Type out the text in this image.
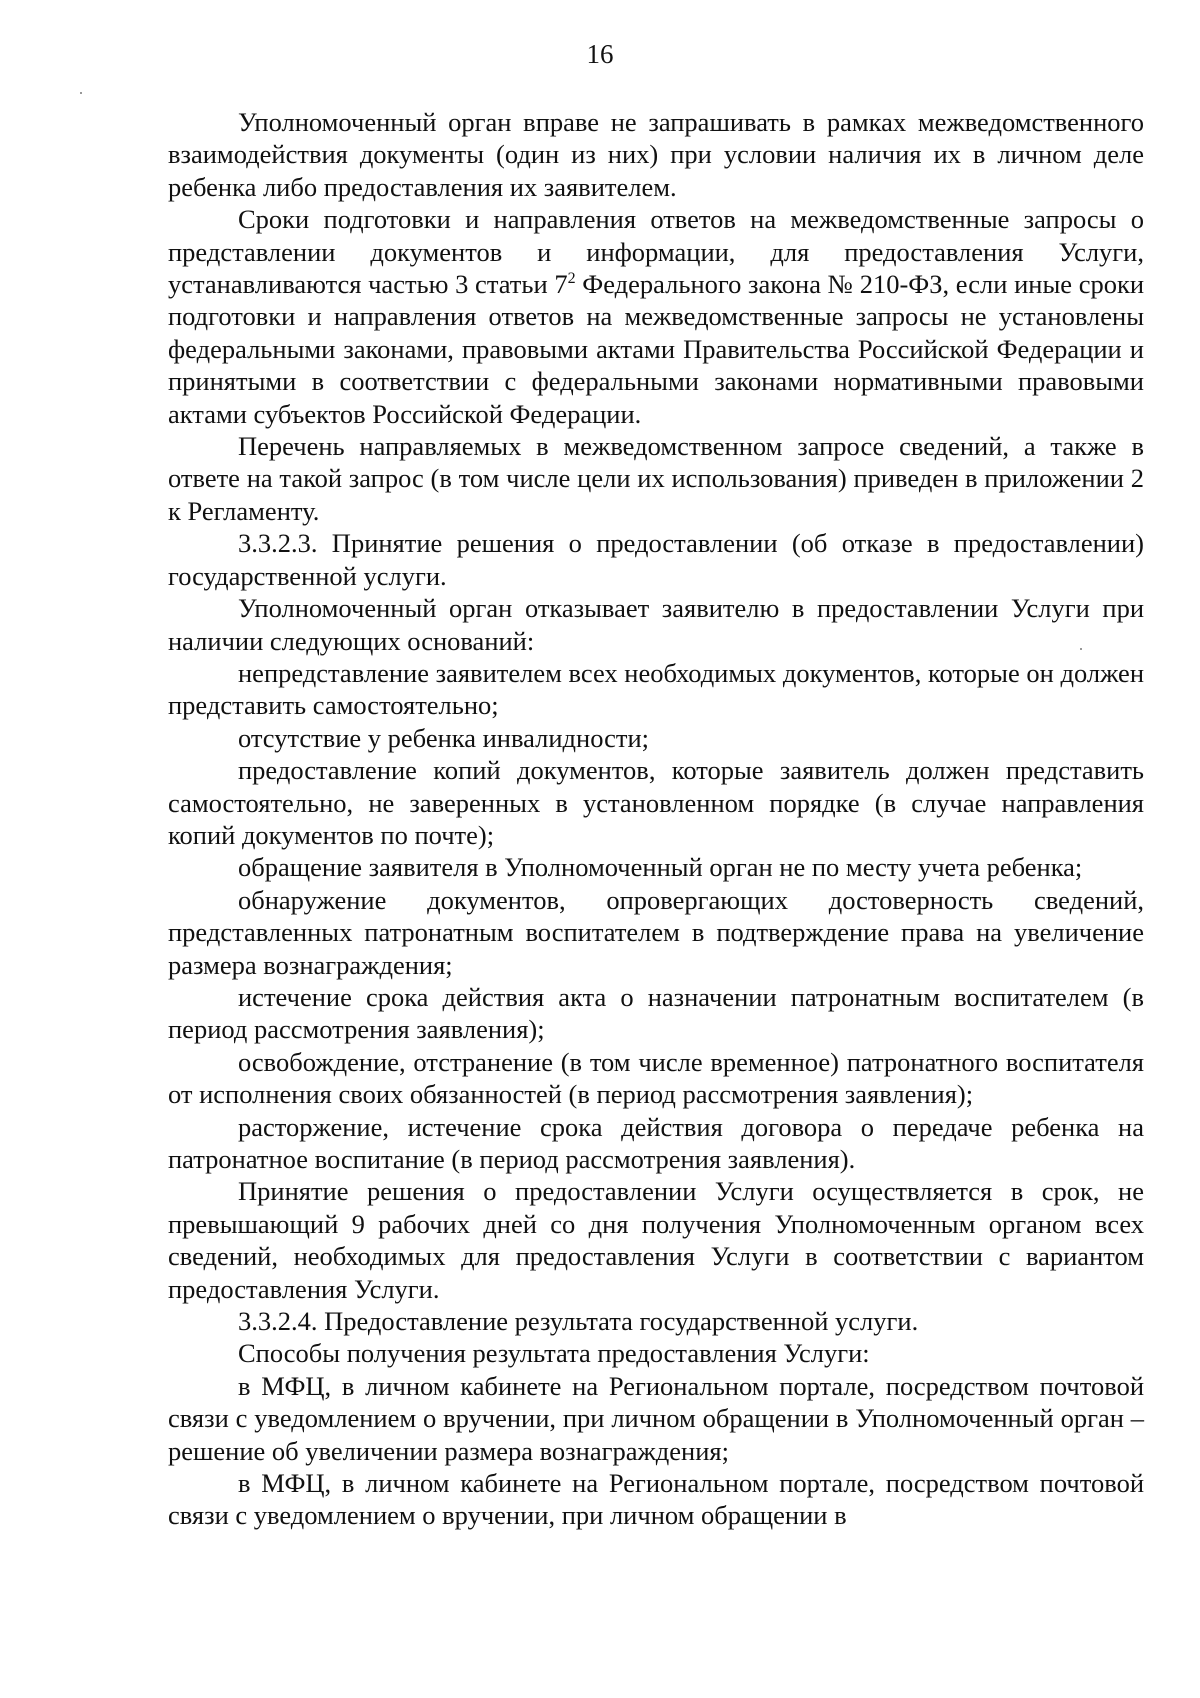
16

Уполномоченный орган вправе не запрашивать в рамках межведомственного взаимодействия документы (один из них) при условии наличия их в личном деле ребенка либо предоставления их заявителем.

Сроки подготовки и направления ответов на межведомственные запросы о представлении документов и информации, для предоставления Услуги, устанавливаются частью 3 статьи $7^2$ Федерального закона № 210-ФЗ, если иные сроки подготовки и направления ответов на межведомственные запросы не установлены федеральными законами, правовыми актами Правительства Российской Федерации и принятыми в соответствии с федеральными законами нормативными правовыми актами субъектов Российской Федерации.

Перечень направляемых в межведомственном запросе сведений, а также в ответе на такой запрос (в том числе цели их использования) приведен в приложении 2 к Регламенту.

3.3.2.3. Принятие решения о предоставлении (об отказе в предоставлении) государственной услуги.

Уполномоченный орган отказывает заявителю в предоставлении Услуги при наличии следующих оснований:

непредставление заявителем всех необходимых документов, которые он должен представить самостоятельно;

отсутствие у ребенка инвалидности;

предоставление копий документов, которые заявитель должен представить самостоятельно, не заверенных в установленном порядке (в случае направления копий документов по почте);

обращение заявителя в Уполномоченный орган не по месту учета ребенка;

обнаружение документов, опровергающих достоверность сведений, представленных патронатным воспитателем в подтверждение права на увеличение размера вознаграждения;

истечение срока действия акта о назначении патронатным воспитателем (в период рассмотрения заявления);

освобождение, отстранение (в том числе временное) патронатного воспитателя от исполнения своих обязанностей (в период рассмотрения заявления);

расторжение, истечение срока действия договора о передаче ребенка на патронатное воспитание (в период рассмотрения заявления).

Принятие решения о предоставлении Услуги осуществляется в срок, не превышающий 9 рабочих дней со дня получения Уполномоченным органом всех сведений, необходимых для предоставления Услуги в соответствии с вариантом предоставления Услуги.

3.3.2.4. Предоставление результата государственной услуги.

Способы получения результата предоставления Услуги:

в МФЦ, в личном кабинете на Региональном портале, посредством почтовой связи с уведомлением о вручении, при личном обращении в Уполномоченный орган – решение об увеличении размера вознаграждения;

в МФЦ, в личном кабинете на Региональном портале, посредством почтовой связи с уведомлением о вручении, при личном обращении в
